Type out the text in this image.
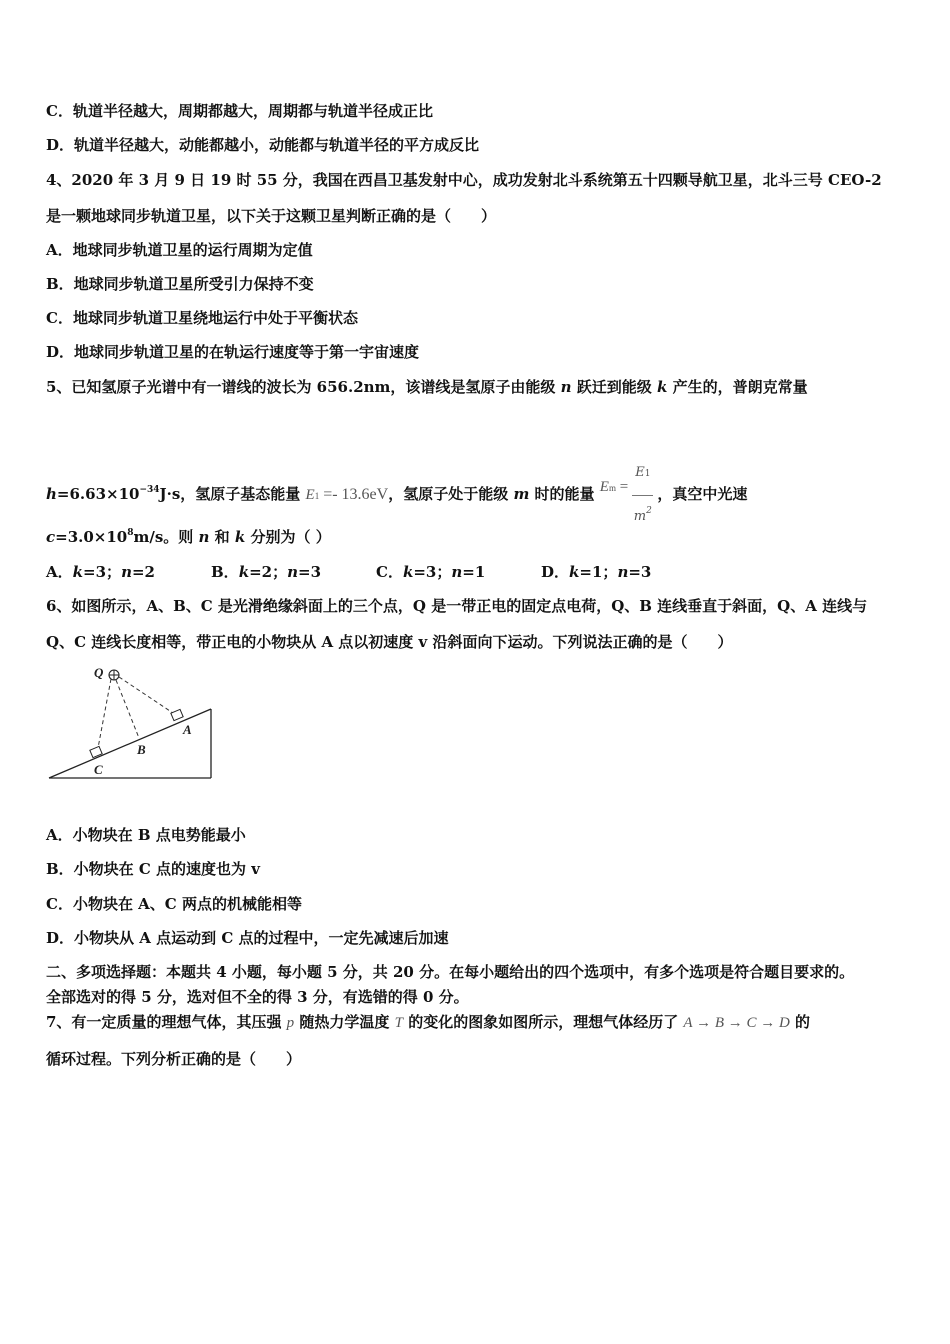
C．轨道半径越大，周期都越大，周期都与轨道半径成正比
D．轨道半径越大，动能都越小，动能都与轨道半径的平方成反比
4、2020 年 3 月 9 日 19 时 55 分，我国在西昌卫基发射中心，成功发射北斗系统第五十四颗导航卫星，北斗三号 CEO-2
是一颗地球同步轨道卫星，以下关于这颗卫星判断正确的是（　　）
A．地球同步轨道卫星的运行周期为定值
B．地球同步轨道卫星所受引力保持不变
C．地球同步轨道卫星绕地运行中处于平衡状态
D．地球同步轨道卫星的在轨运行速度等于第一宇宙速度
5、已知氢原子光谱中有一谱线的波长为 656.2nm，该谱线是氢原子由能级 n 跃迁到能级 k 产生的，普朗克常量
$h=6.63\times 10^{-34}J\cdot s$，氢原子基态能量 E1 =- 13.6eV，氢原子处于能级 m 时的能量 $Em = \frac{E1}{m^2}$ ，真空中光速
$c=3.0\times 10^8m/s$。则 n 和 k 分别为（ ）
A．k=3；n=2	B．k=2；n=3	C．k=3；n=1	D．k=1；n=3
6、如图所示，A、B、C 是光滑绝缘斜面上的三个点，Q 是一带正电的固定点电荷，Q、B 连线垂直于斜面，Q、A 连线与
Q、C 连线长度相等，带正电的小物块从 A 点以初速度 v 沿斜面向下运动。下列说法正确的是（　　）
Q
A
B
C
A．小物块在 B 点电势能最小
B．小物块在 C 点的速度也为 v
C．小物块在 A、C 两点的机械能相等
D．小物块从 A 点运动到 C 点的过程中，一定先减速后加速
二、多项选择题：本题共 4 小题，每小题 5 分，共 20 分。在每小题给出的四个选项中，有多个选项是符合题目要求的。
全部选对的得 5 分，选对但不全的得 3 分，有选错的得 0 分。
7、有一定质量的理想气体，其压强 p 随热力学温度 T 的变化的图象如图所示，理想气体经历了 A → B → C → D 的
循环过程。下列分析正确的是（　　）
